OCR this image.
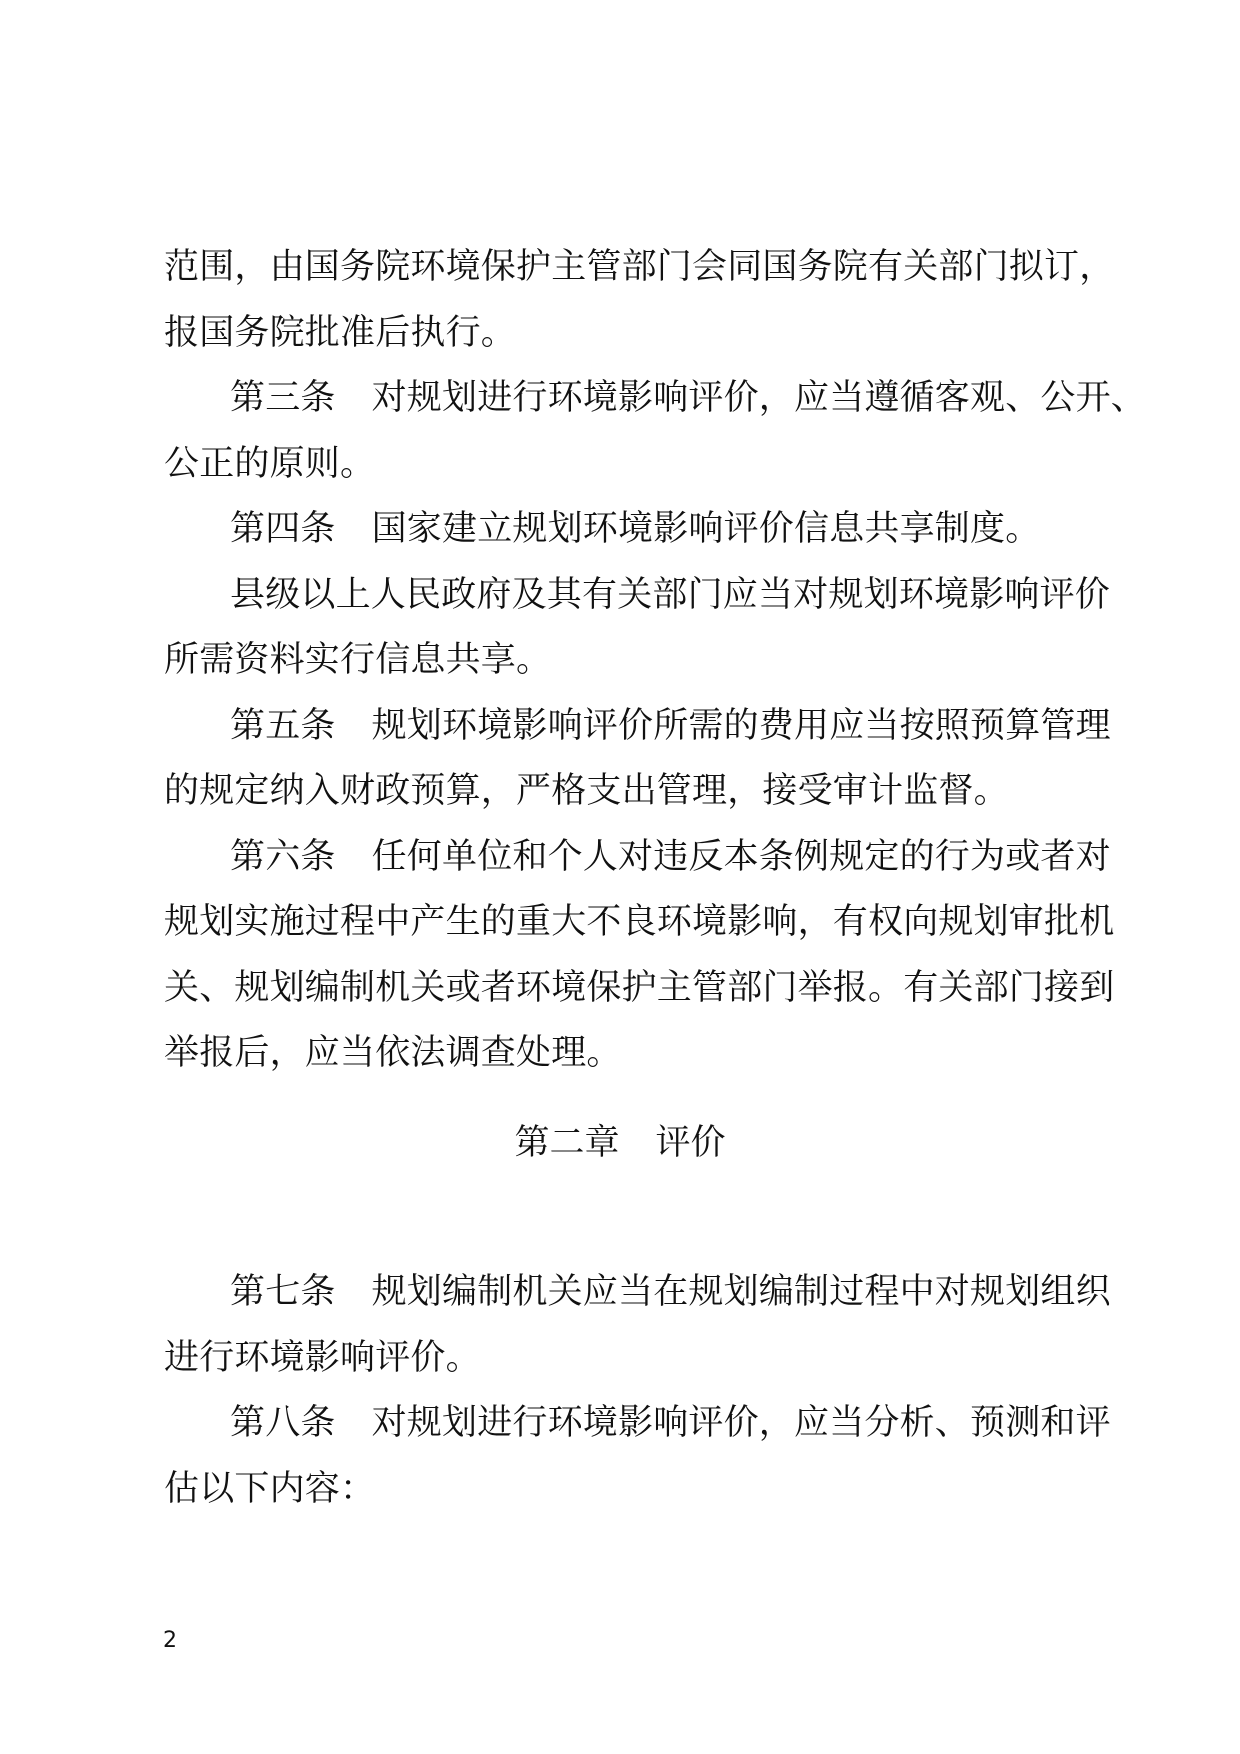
范围，由国务院环境保护主管部门会同国务院有关部门拟订，

报国务院批准后执行。

第三条 对规划进行环境影响评价，应当遵循客观、公开、

公正的原则。

第四条 国家建立规划环境影响评价信息共享制度。

县级以上人民政府及其有关部门应当对规划环境影响评价

所需资料实行信息共享。

第五条 规划环境影响评价所需的费用应当按照预算管理

的规定纳入财政预算，严格支出管理，接受审计监督。

第六条 任何单位和个人对违反本条例规定的行为或者对

规划实施过程中产生的重大不良环境影响，有权向规划审批机

关、规划编制机关或者环境保护主管部门举报。有关部门接到

举报后，应当依法调查处理。

第二章 评价

第七条 规划编制机关应当在规划编制过程中对规划组织

进行环境影响评价。

第八条 对规划进行环境影响评价，应当分析、预测和评

估以下内容：

2
